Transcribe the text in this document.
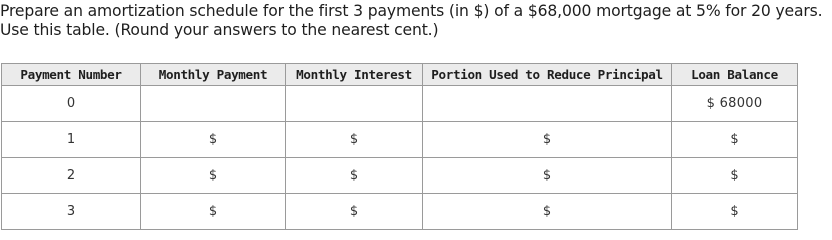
Prepare an amortization schedule for the first 3 payments (in $) of a $68,000 mortgage at 5% for 20 years.
Use this table. (Round your answers to the nearest cent.)
Payment Number	Monthly Payment	Monthly Interest	Portion Used to Reduce Principal	Loan Balance
0				$ 68000
1	$	$	$	$
2	$	$	$	$
3	$	$	$	$
